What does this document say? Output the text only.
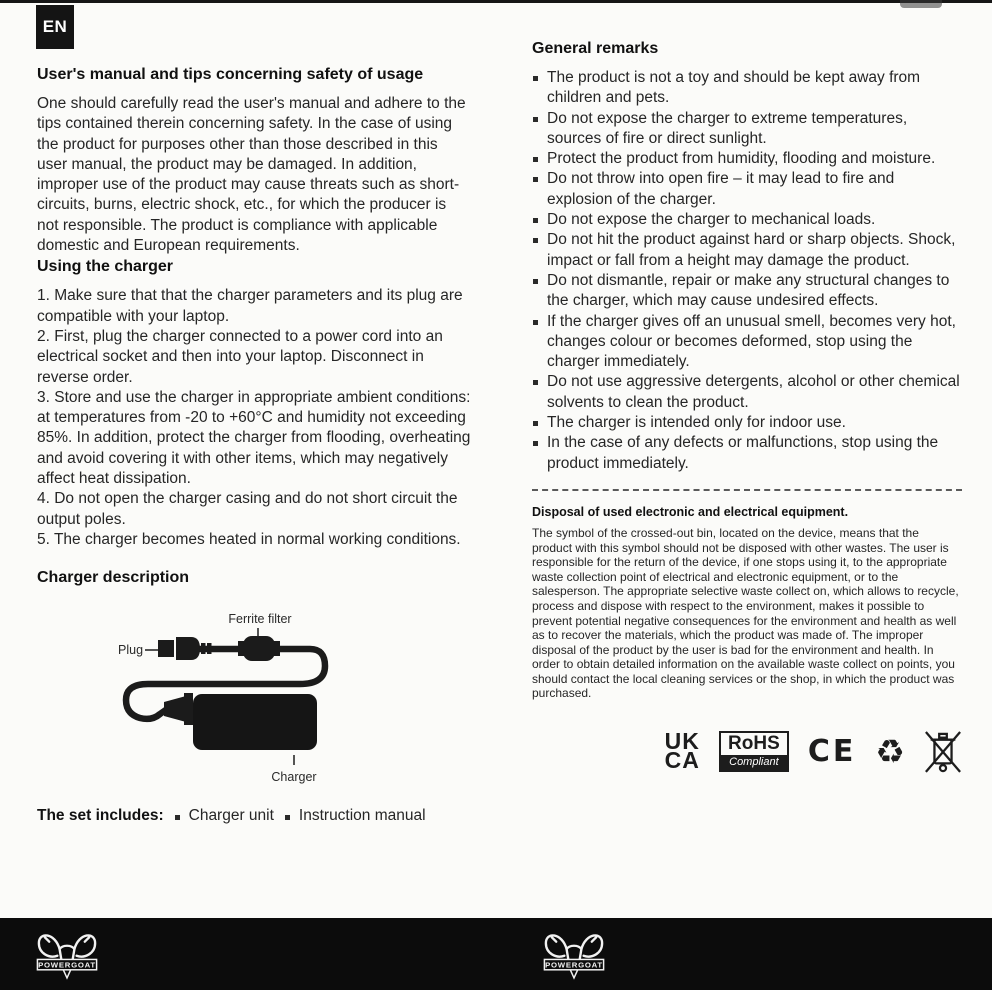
EN
User's manual and tips concerning safety of usage

One should carefully read the user's manual and adhere to the tips contained therein concerning safety. In the case of using the product for purposes other than those described in this user manual, the product may be damaged. In addition, improper use of the product may cause threats such as short-circuits, burns, electric shock, etc., for which the producer is not responsible. The product is compliance with applicable domestic and European requirements.

Using the charger
1. Make sure that that the charger parameters and its plug are compatible with your laptop.
2. First, plug the charger connected to a power cord into an electrical socket and then into your laptop. Disconnect in reverse order.
3. Store and use the charger in appropriate ambient conditions: at temperatures from -20 to +60°C and humidity not exceeding 85%. In addition, protect the charger from flooding, overheating and avoid covering it with other items, which may negatively affect heat dissipation.
4. Do not open the charger casing and do not short circuit the output poles.
5. The charger becomes heated in normal working conditions.
Charger description
Ferrite filter
Plug
Charger
The set includes: Charger unit Instruction manual
General remarks
The product is not a toy and should be kept away from children and pets.
Do not expose the charger to extreme temperatures, sources of fire or direct sunlight.
Protect the product from humidity, flooding and moisture.
Do not throw into open fire – it may lead to fire and explosion of the charger.
Do not expose the charger to mechanical loads.
Do not hit the product against hard or sharp objects. Shock, impact or fall from a height may damage the product.
Do not dismantle, repair or make any structural changes to the charger, which may cause undesired effects.
If the charger gives off an unusual smell, becomes very hot, changes colour or becomes deformed, stop using the charger immediately.
Do not use aggressive detergents, alcohol or other chemical solvents to clean the product.
The charger is intended only for indoor use.
In the case of any defects or malfunctions, stop using the product immediately.
Disposal of used electronic and electrical equipment.

The symbol of the crossed-out bin, located on the device, means that the product with this symbol should not be disposed with other wastes. The user is responsible for the return of the device, if one stops using it, to the appropriate waste collection point of electrical and electronic equipment, or to the salesperson. The appropriate selective waste collect on, which allows to recycle, process and dispose with respect to the environment, makes it possible to prevent potential negative consequences for the environment and health as well as to recover the materials, which the product was made of. The improper disposal of the product by the user is bad for the environment and health. In order to obtain detailed information on the available waste collect on points, you should contact the local cleaning services or the shop, in which the product was purchased.

UK
CA
RoHS
Compliant CE ♻
POWERGOAT	POWERGOAT
